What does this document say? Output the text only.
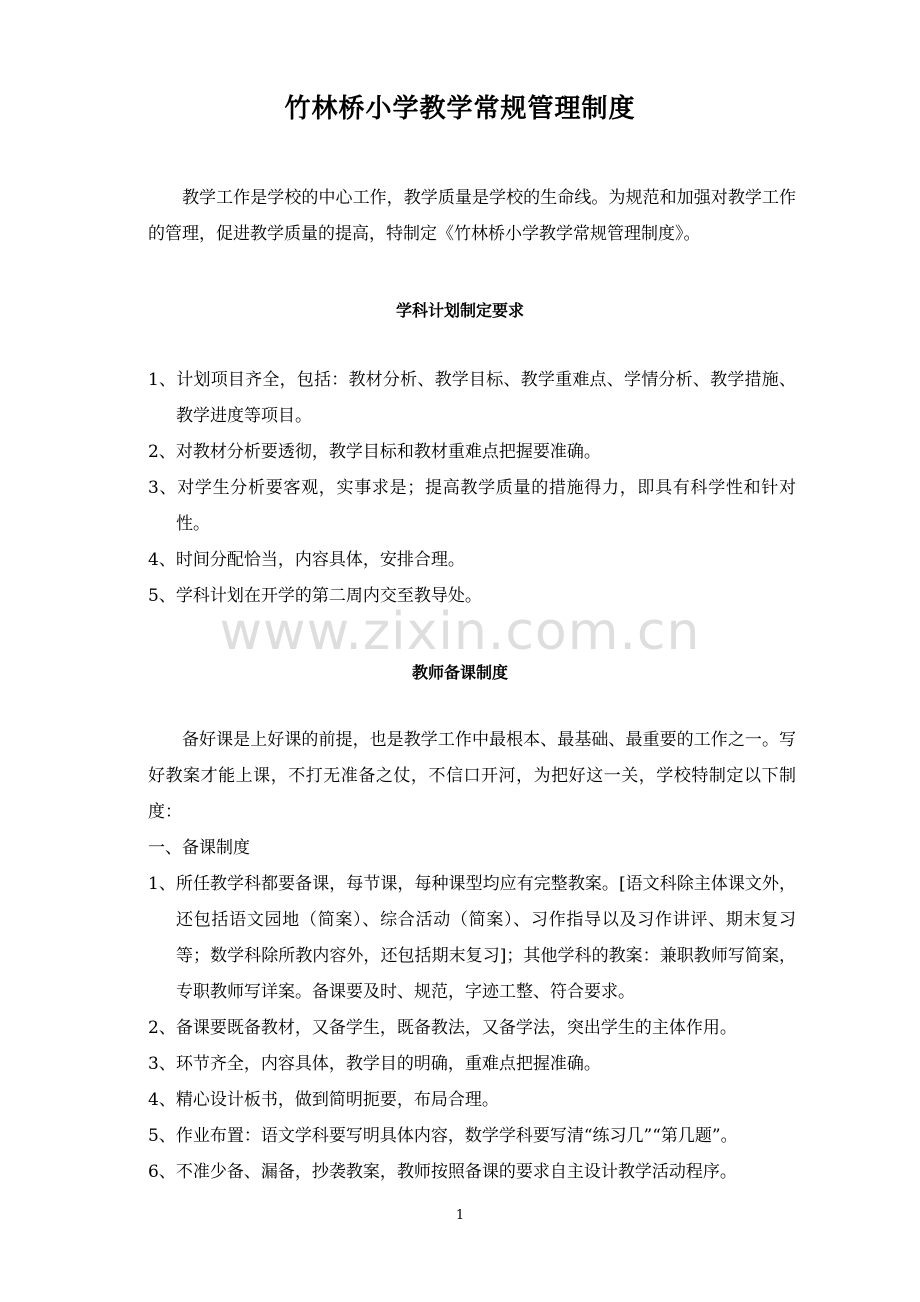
竹林桥小学教学常规管理制度
教学工作是学校的中心工作，教学质量是学校的生命线。为规范和加强对教学工作的管理，促进教学质量的提高，特制定《竹林桥小学教学常规管理制度》。
学科计划制定要求
1、计划项目齐全，包括：教材分析、教学目标、教学重难点、学情分析、教学措施、教学进度等项目。
2、对教材分析要透彻，教学目标和教材重难点把握要准确。
3、对学生分析要客观，实事求是；提高教学质量的措施得力，即具有科学性和针对性。
4、时间分配恰当，内容具体，安排合理。
5、学科计划在开学的第二周内交至教导处。
www.zixin.com.cn
教师备课制度
备好课是上好课的前提，也是教学工作中最根本、最基础、最重要的工作之一。写好教案才能上课，不打无准备之仗，不信口开河，为把好这一关，学校特制定以下制度：
一、备课制度
1、所任教学科都要备课，每节课，每种课型均应有完整教案。[语文科除主体课文外，还包括语文园地（简案）、综合活动（简案）、习作指导以及习作讲评、期末复习等；数学科除所教内容外，还包括期末复习]；其他学科的教案：兼职教师写简案，专职教师写详案。备课要及时、规范，字迹工整、符合要求。
2、备课要既备教材，又备学生，既备教法，又备学法，突出学生的主体作用。
3、环节齐全，内容具体，教学目的明确，重难点把握准确。
4、精心设计板书，做到简明扼要，布局合理。
5、作业布置：语文学科要写明具体内容，数学学科要写清“练习几”“第几题”。
6、不准少备、漏备，抄袭教案，教师按照备课的要求自主设计教学活动程序。
1
